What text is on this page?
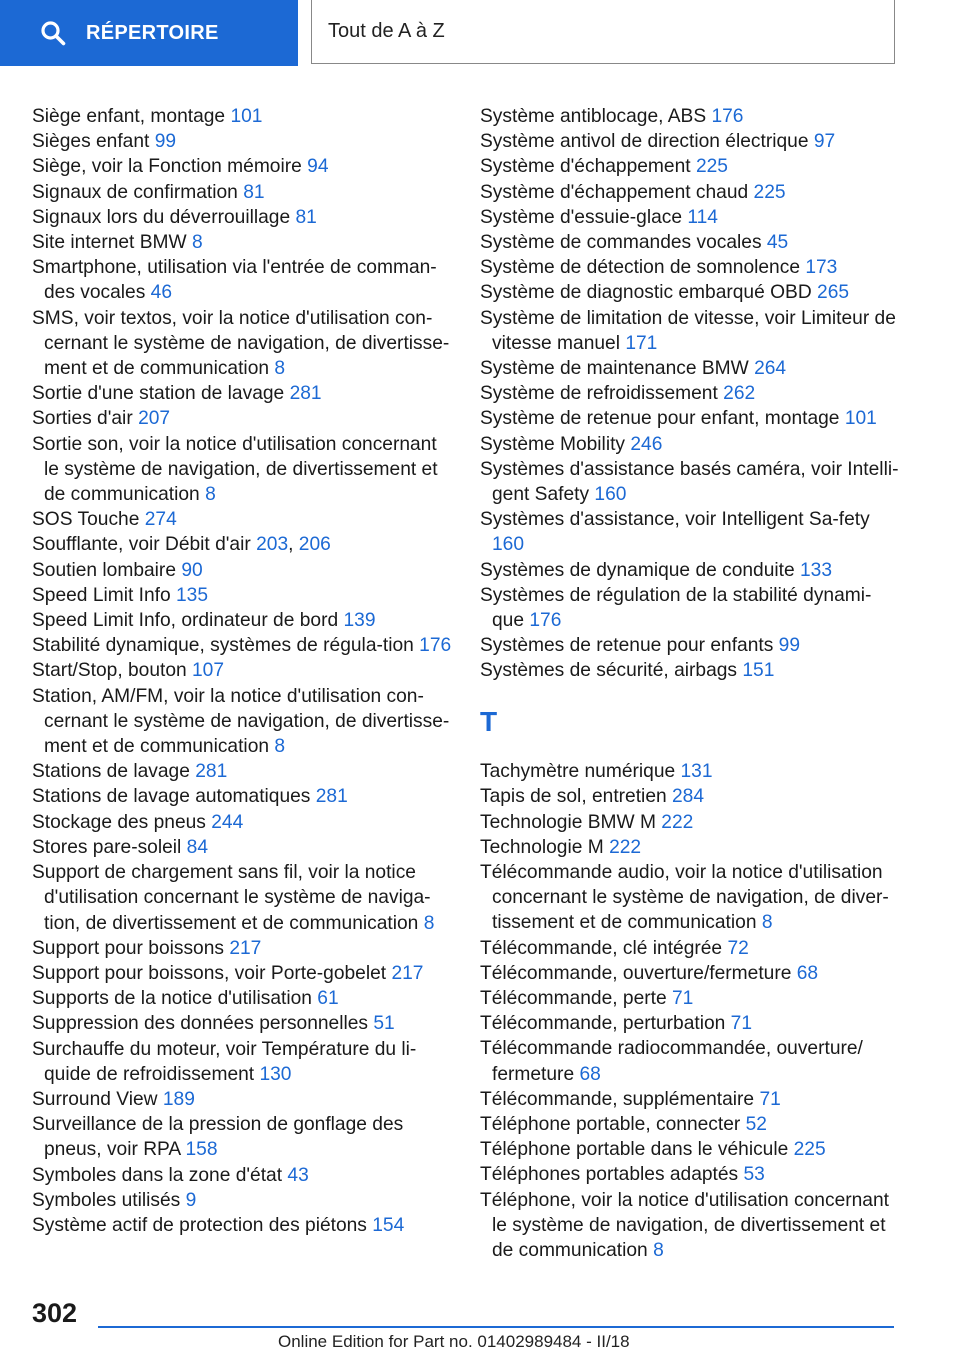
RÉPERTOIRE	Tout de A à Z
Siège enfant, montage 101
Sièges enfant 99
Siège, voir la Fonction mémoire 94
Signaux de confirmation 81
Signaux lors du déverrouillage 81
Site internet BMW 8
Smartphone, utilisation via l'entrée de comman-des vocales 46
SMS, voir textos, voir la notice d'utilisation con-cernant le système de navigation, de divertisse-ment et de communication 8
Sortie d'une station de lavage 281
Sorties d'air 207
Sortie son, voir la notice d'utilisation concernant le système de navigation, de divertissement et de communication 8
SOS Touche 274
Soufflante, voir Débit d'air 203, 206
Soutien lombaire 90
Speed Limit Info 135
Speed Limit Info, ordinateur de bord 139
Stabilité dynamique, systèmes de régula-tion 176
Start/Stop, bouton 107
Station, AM/FM, voir la notice d'utilisation con-cernant le système de navigation, de divertisse-ment et de communication 8
Stations de lavage 281
Stations de lavage automatiques 281
Stockage des pneus 244
Stores pare-soleil 84
Support de chargement sans fil, voir la notice d'utilisation concernant le système de naviga-tion, de divertissement et de communication 8
Support pour boissons 217
Support pour boissons, voir Porte-gobelet 217
Supports de la notice d'utilisation 61
Suppression des données personnelles 51
Surchauffe du moteur, voir Température du li-quide de refroidissement 130
Surround View 189
Surveillance de la pression de gonflage des pneus, voir RPA 158
Symboles dans la zone d'état 43
Symboles utilisés 9
Système actif de protection des piétons 154
Système antiblocage, ABS 176
Système antivol de direction électrique 97
Système d'échappement 225
Système d'échappement chaud 225
Système d'essuie-glace 114
Système de commandes vocales 45
Système de détection de somnolence 173
Système de diagnostic embarqué OBD 265
Système de limitation de vitesse, voir Limiteur de vitesse manuel 171
Système de maintenance BMW 264
Système de refroidissement 262
Système de retenue pour enfant, montage 101
Système Mobility 246
Systèmes d'assistance basés caméra, voir Intelli-gent Safety 160
Systèmes d'assistance, voir Intelligent Sa-fety 160
Systèmes de dynamique de conduite 133
Systèmes de régulation de la stabilité dynami-que 176
Systèmes de retenue pour enfants 99
Systèmes de sécurité, airbags 151
T
Tachymètre numérique 131
Tapis de sol, entretien 284
Technologie BMW M 222
Technologie M 222
Télécommande audio, voir la notice d'utilisation concernant le système de navigation, de diver-tissement et de communication 8
Télécommande, clé intégrée 72
Télécommande, ouverture/fermeture 68
Télécommande, perte 71
Télécommande, perturbation 71
Télécommande radiocommandée, ouverture/ fermeture 68
Télécommande, supplémentaire 71
Téléphone portable, connecter 52
Téléphone portable dans le véhicule 225
Téléphones portables adaptés 53
Téléphone, voir la notice d'utilisation concernant le système de navigation, de divertissement et de communication 8
302
Online Edition for Part no. 01402989484 - II/18
